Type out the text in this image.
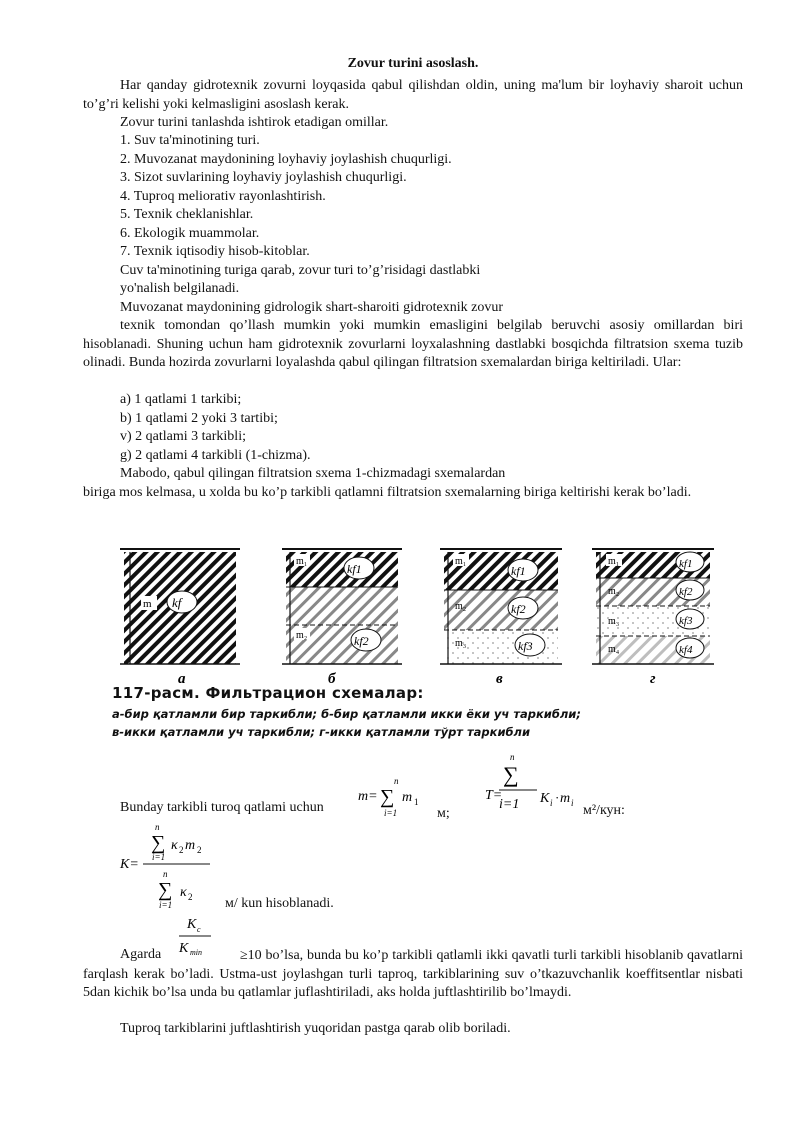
Zovur turini asoslash.
Har qanday gidrotexnik zovurni loyqasida qabul qilishdan oldin, uning ma'lum bir loyhaviy sharoit uchun to’g’ri kelishi yoki kelmasligini asoslash kerak.
Zovur turini tanlashda ishtirok etadigan omillar.
1. Suv ta'minotining turi.
2. Muvozanat maydonining loyhaviy joylashish chuqurligi.
3. Sizot suvlarining loyhaviy joylashish chuqurligi.
4. Tuproq meliorativ rayonlashtirish.
5. Texnik cheklanishlar.
6. Ekologik muammolar.
7. Texnik iqtisodiy hisob-kitoblar.
Cuv ta'minotining turiga qarab, zovur turi to’g’risidagi dastlabki
yo'nalish belgilanadi.
Muvozanat maydonining gidrologik shart-sharoiti gidrotexnik zovur
texnik tomondan qo’llash mumkin yoki mumkin emasligini belgilab beruvchi asosiy omillardan biri hisoblanadi. Shuning uchun ham gidrotexnik zovurlarni loyxalashning dastlabki bosqichda filtratsion sxema tuzib olinadi. Bunda hozirda zovurlarni loyalashda qabul qilingan filtratsion sxemalardan biriga keltiriladi. Ular:
a) 1 qatlami 1 tarkibi;
b) 1 qatlami 2 yoki 3 tartibi;
v) 2 qatlami 3 tarkibli;
g) 2 qatlami 4 tarkibli (1-chizma).
Mabodo, qabul qilingan filtratsion sxema 1-chizmadagi sxemalardan
biriga mos kelmasa, u xolda bu ko’p tarkibli qatlamni filtratsion sxemalarning biriga keltirishi kerak bo’ladi.
m kf
а
m₁
m₂
kf1
kf2
б
m₁
m₂
m₃
kf1
kf2
kf3
в
m₁
m₂
m₃
m₄
kf1
kf2
kf3
kf4
г
117-расм. Фильтрацион схемалар:
а-бир қатламли бир таркибли; б-бир қатламли икки ёки уч таркибли;
в-икки қатламли уч таркибли; г-икки қатламли тўрт таркибли
Bunday tarkibli turoq qatlami uchun
m= ∑
n
i=1
m 1
м;
n
∑
T=
i=1 K i · m i м²/кун:
n
∑
i=1
κ 2 m 2
K=
n
∑
i=1
κ 2 м/ kun hisoblanadi.
Agarda
K c
K min	≥10 bo’lsa, bunda bu ko’p tarkibli qatlamli ikki qavatli turli tarkibli hisoblanib qavatlarni farqlash kerak bo’ladi. Ustma-ust joylashgan turli taproq, tarkiblarining suv o’tkazuvchanlik koeffitsentlar nisbati 5dan kichik bo’lsa unda bu qatlamlar juflashtiriladi, aks holda juftlashtirilib bo’lmaydi.
Tuproq tarkiblarini juftlashtirish yuqoridan pastga qarab olib boriladi.
